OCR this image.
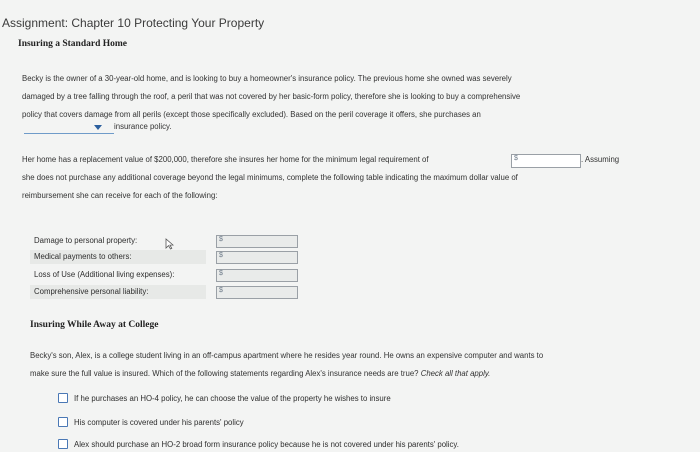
Assignment: Chapter 10 Protecting Your Property
Insuring a Standard Home
Becky is the owner of a 30-year-old home, and is looking to buy a homeowner's insurance policy. The previous home she owned was severely
damaged by a tree falling through the roof, a peril that was not covered by her basic-form policy, therefore she is looking to buy a comprehensive
policy that covers damage from all perils (except those specifically excluded). Based on the peril coverage it offers, she purchases an
insurance policy.
Her home has a replacement value of $200,000, therefore she insures her home for the minimum legal requirement of	$	. Assuming
she does not purchase any additional coverage beyond the legal minimums, complete the following table indicating the maximum dollar value of
reimbursement she can receive for each of the following:
Damage to personal property:	$
Medical payments to others:	$
Loss of Use (Additional living expenses):	$
Comprehensive personal liability:	$
Insuring While Away at College
Becky's son, Alex, is a college student living in an off-campus apartment where he resides year round. He owns an expensive computer and wants to
make sure the full value is insured. Which of the following statements regarding Alex's insurance needs are true? Check all that apply.
If he purchases an HO-4 policy, he can choose the value of the property he wishes to insure
His computer is covered under his parents' policy
Alex should purchase an HO-2 broad form insurance policy because he is not covered under his parents' policy.
